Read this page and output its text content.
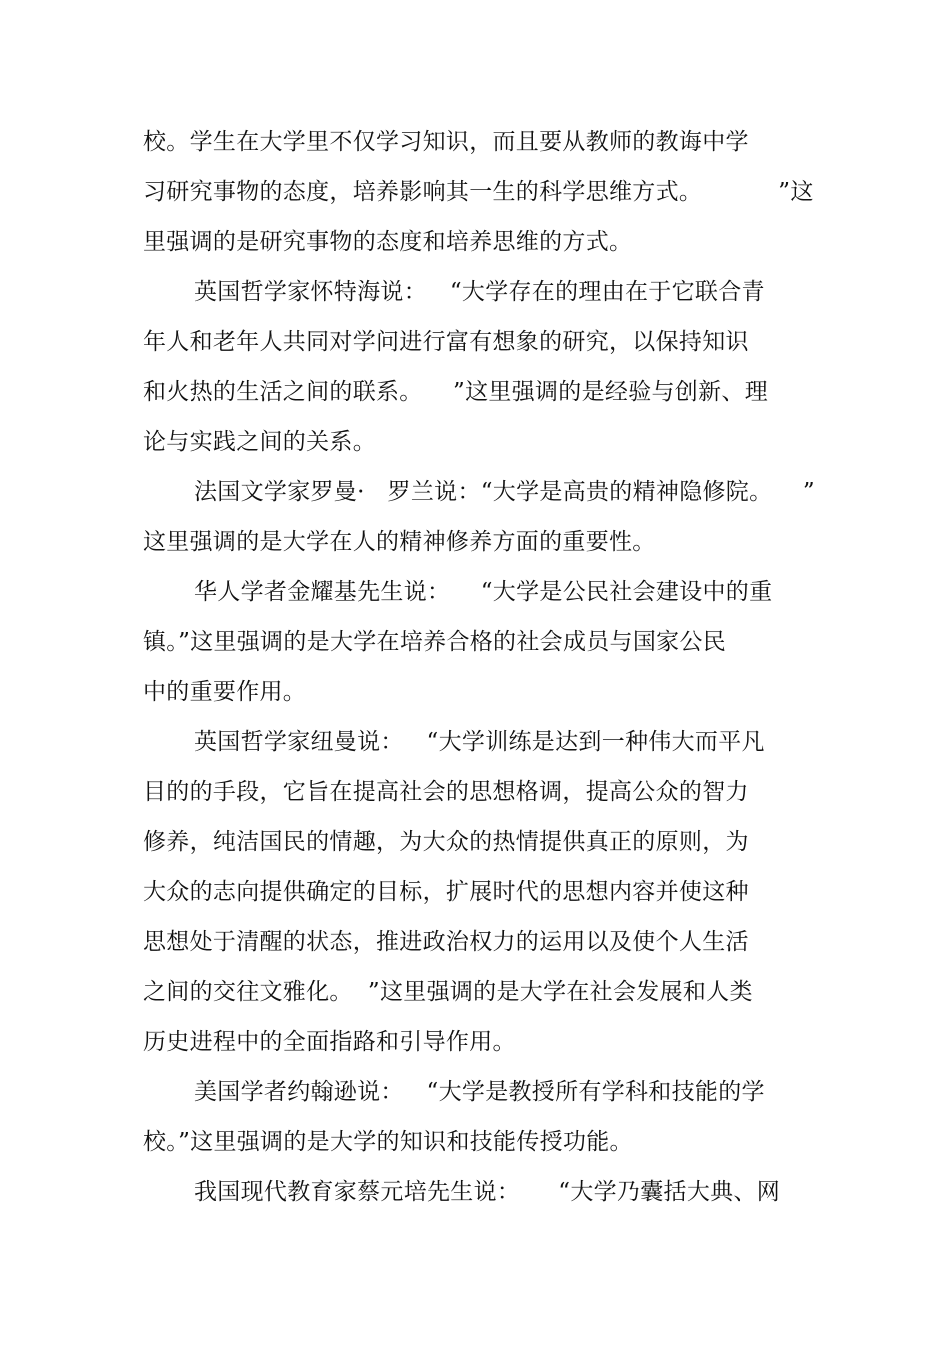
校。学生在大学里不仅学习知识，而且要从教师的教诲中学
习研究事物的态度，培养影响其一生的科学思维方式。          ”这
里强调的是研究事物的态度和培养思维的方式。
英国哲学家怀特海说：   “大学存在的理由在于它联合青
年人和老年人共同对学问进行富有想象的研究，以保持知识
和火热的生活之间的联系。    ”这里强调的是经验与创新、理
论与实践之间的关系。
法国文学家罗曼·   罗兰说：“大学是高贵的精神隐修院。    ”
这里强调的是大学在人的精神修养方面的重要性。
华人学者金耀基先生说：    “大学是公民社会建设中的重
镇。”这里强调的是大学在培养合格的社会成员与国家公民
中的重要作用。
英国哲学家纽曼说：   “大学训练是达到一种伟大而平凡
目的的手段，它旨在提高社会的思想格调，提高公众的智力
修养，纯洁国民的情趣，为大众的热情提供真正的原则，为
大众的志向提供确定的目标，扩展时代的思想内容并使这种
思想处于清醒的状态，推进政治权力的运用以及使个人生活
之间的交往文雅化。  ”这里强调的是大学在社会发展和人类
历史进程中的全面指路和引导作用。
美国学者约翰逊说：   “大学是教授所有学科和技能的学
校。”这里强调的是大学的知识和技能传授功能。
我国现代教育家蔡元培先生说：     “大学乃囊括大典、网
